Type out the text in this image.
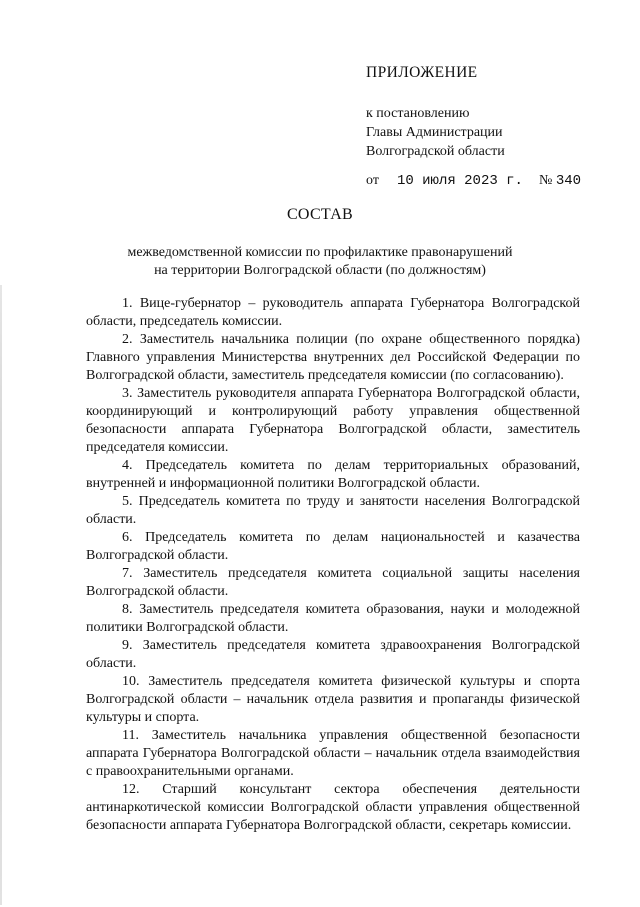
ПРИЛОЖЕНИЕ
к постановлению
Главы Администрации
Волгоградской области
от 10 июля 2023 г. № 340
СОСТАВ
межведомственной комиссии по профилактике правонарушений
на территории Волгоградской области (по должностям)

1. Вице-губернатор – руководитель аппарата Губернатора Волгоградской области, председатель комиссии.

2. Заместитель начальника полиции (по охране общественного порядка) Главного управления Министерства внутренних дел Российской Федерации по Волгоградской области, заместитель председателя комиссии (по согласованию).

3. Заместитель руководителя аппарата Губернатора Волгоградской области, координирующий и контролирующий работу управления общественной безопасности аппарата Губернатора Волгоградской области, заместитель председателя комиссии.

4. Председатель комитета по делам территориальных образований, внутренней и информационной политики Волгоградской области.

5. Председатель комитета по труду и занятости населения Волгоградской области.

6. Председатель комитета по делам национальностей и казачества Волгоградской области.

7. Заместитель председателя комитета социальной защиты населения Волгоградской области.

8. Заместитель председателя комитета образования, науки и молодежной политики Волгоградской области.

9. Заместитель председателя комитета здравоохранения Волгоградской области.

10. Заместитель председателя комитета физической культуры и спорта Волгоградской области – начальник отдела развития и пропаганды физической культуры и спорта.

11. Заместитель начальника управления общественной безопасности аппарата Губернатора Волгоградской области – начальник отдела взаимодействия с правоохранительными органами.

12. Старший консультант сектора обеспечения деятельности антинаркотической комиссии Волгоградской области управления общественной безопасности аппарата Губернатора Волгоградской области, секретарь комиссии.
